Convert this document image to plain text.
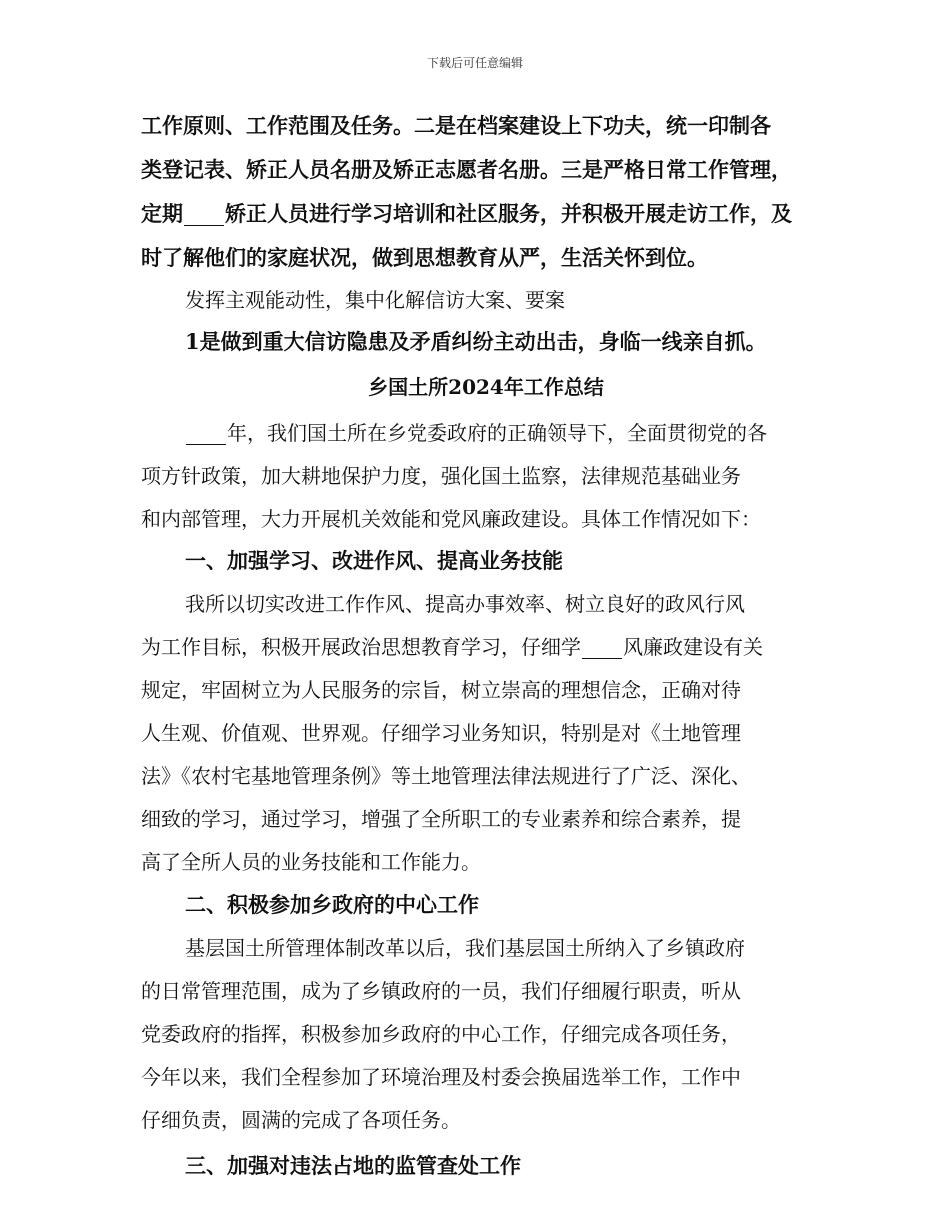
下载后可任意编辑
工作原则、工作范围及任务。二是在档案建设上下功夫，统一印制各
类登记表、矫正人员名册及矫正志愿者名册。三是严格日常工作管理，
定期 矫正人员进行学习培训和社区服务，并积极开展走访工作，及
时了解他们的家庭状况，做到思想教育从严，生活关怀到位。
发挥主观能动性，集中化解信访大案、要案
1是做到重大信访隐患及矛盾纠纷主动出击，身临一线亲自抓。
乡国土所2024年工作总结
年，我们国土所在乡党委政府的正确领导下，全面贯彻党的各
项方针政策，加大耕地保护力度，强化国土监察，法律规范基础业务
和内部管理，大力开展机关效能和党风廉政建设。具体工作情况如下：
一、加强学习、改进作风、提高业务技能
我所以切实改进工作作风、提高办事效率、树立良好的政风行风
为工作目标，积极开展政治思想教育学习，仔细学 风廉政建设有关
规定，牢固树立为人民服务的宗旨，树立崇高的理想信念，正确对待
人生观、价值观、世界观。仔细学习业务知识，特别是对《土地管理
法》《农村宅基地管理条例》等土地管理法律法规进行了广泛、深化、
细致的学习，通过学习，增强了全所职工的专业素养和综合素养，提
高了全所人员的业务技能和工作能力。
二、积极参加乡政府的中心工作
基层国土所管理体制改革以后，我们基层国土所纳入了乡镇政府
的日常管理范围，成为了乡镇政府的一员，我们仔细履行职责，听从
党委政府的指挥，积极参加乡政府的中心工作，仔细完成各项任务，
今年以来，我们全程参加了环境治理及村委会换届选举工作，工作中
仔细负责，圆满的完成了各项任务。
三、加强对违法占地的监管查处工作
